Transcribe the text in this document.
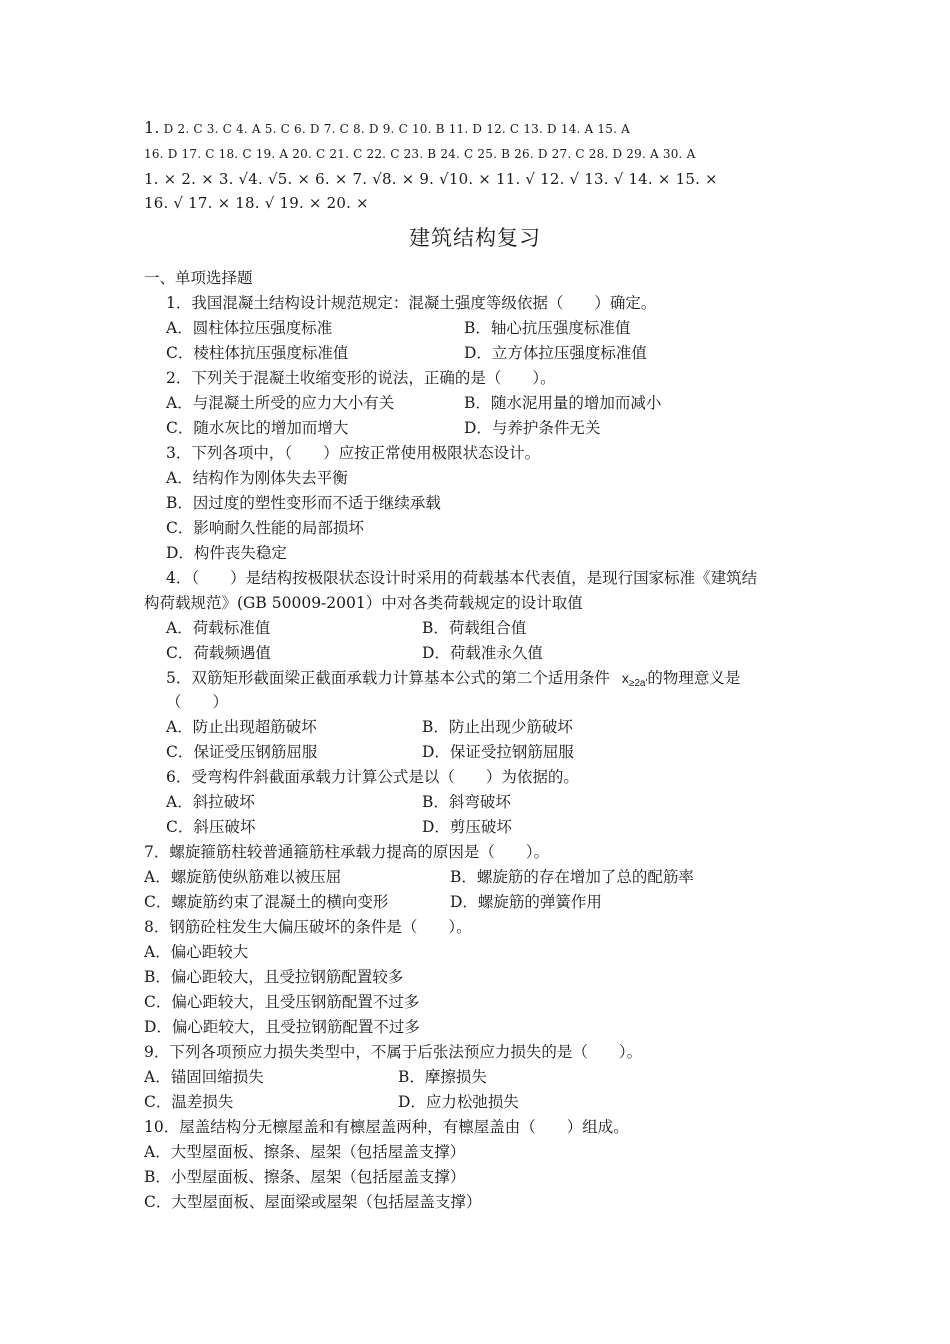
1. D 2. C 3. C 4. A 5. C 6. D 7. C 8. D 9. C 10. B 11. D 12. C 13. D 14. A 15. A
16. D 17. C 18. C 19. A 20. C 21. C 22. C 23. B 24. C 25. B 26. D 27. C 28. D 29. A 30. A
1. × 2. × 3. √4. √5. × 6. × 7. √8. × 9. √10. × 11. √ 12. √ 13. √ 14. × 15. ×
16. √ 17. × 18. √ 19. × 20. ×
建筑结构复习
一、单项选择题
1．我国混凝土结构设计规范规定：混凝土强度等级依据（　　）确定。
A．圆柱体拉压强度标准	B．轴心抗压强度标准值
C．棱柱体抗压强度标准值	D．立方体拉压强度标准值
2．下列关于混凝土收缩变形的说法，正确的是（　　）。
A．与混凝土所受的应力大小有关	B．随水泥用量的增加而减小
C．随水灰比的增加而增大	D．与养护条件无关
3．下列各项中，（　　）应按正常使用极限状态设计。
A．结构作为刚体失去平衡
B．因过度的塑性变形而不适于继续承载
C．影响耐久性能的局部损坏
D．构件丧失稳定
4．（　　）是结构按极限状态设计时采用的荷载基本代表值，是现行国家标准《建筑结
构荷载规范》(GB 50009-2001）中对各类荷载规定的设计取值
A．荷载标准值	B．荷载组合值
C．荷载频遇值	D．荷载准永久值
5．双筋矩形截面梁正截面承载力计算基本公式的第二个适用条件 $x_{\ge 2a'}$的物理意义是
（　　）
A．防止出现超筋破坏	B．防止出现少筋破坏
C．保证受压钢筋屈服	D．保证受拉钢筋屈服
6．受弯构件斜截面承载力计算公式是以（　　）为依据的。
A．斜拉破坏	B．斜弯破坏
C．斜压破坏	D．剪压破坏
7．螺旋箍筋柱较普通箍筋柱承载力提高的原因是（　　）。
A．螺旋筋使纵筋难以被压屈	B．螺旋筋的存在增加了总的配筋率
C．螺旋筋约束了混凝土的横向变形	D．螺旋筋的弹簧作用
8．钢筋砼柱发生大偏压破坏的条件是（　　）。
A．偏心距较大
B．偏心距较大，且受拉钢筋配置较多
C．偏心距较大，且受压钢筋配置不过多
D．偏心距较大，且受拉钢筋配置不过多
9．下列各项预应力损失类型中，不属于后张法预应力损失的是（　　）。
A．锚固回缩损失	B．摩擦损失
C．温差损失	D．应力松弛损失
10．屋盖结构分无檩屋盖和有檩屋盖两种，有檩屋盖由（　　）组成。
A．大型屋面板、擦条、屋架（包括屋盖支撑）
B．小型屋面板、擦条、屋架（包括屋盖支撑）
C．大型屋面板、屋面梁或屋架（包括屋盖支撑）
